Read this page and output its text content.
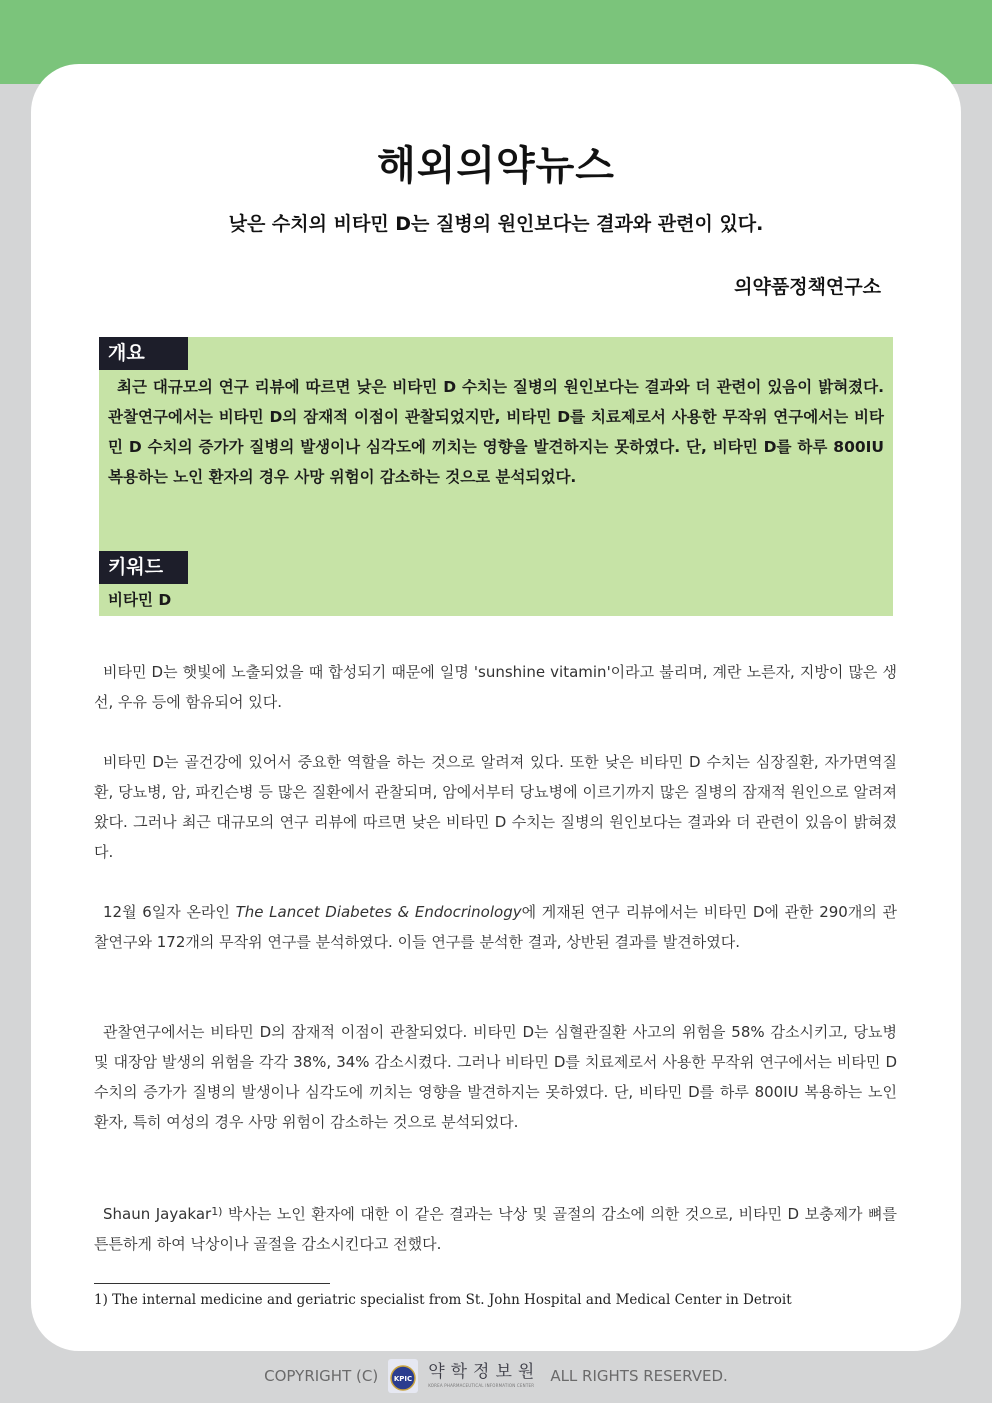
해외의약뉴스
낮은 수치의 비타민 D는 질병의 원인보다는 결과와 관련이 있다.
의약품정책연구소
개요
최근 대규모의 연구 리뷰에 따르면 낮은 비타민 D 수치는 질병의 원인보다는 결과와 더 관련이 있음이 밝혀졌다. 관찰연구에서는 비타민 D의 잠재적 이점이 관찰되었지만, 비타민 D를 치료제로서 사용한 무작위 연구에서는 비타민 D 수치의 증가가 질병의 발생이나 심각도에 끼치는 영향을 발견하지는 못하였다. 단, 비타민 D를 하루 800IU 복용하는 노인 환자의 경우 사망 위험이 감소하는 것으로 분석되었다.
키워드
비타민 D
비타민 D는 햇빛에 노출되었을 때 합성되기 때문에 일명 'sunshine vitamin'이라고 불리며, 계란 노른자, 지방이 많은 생선, 우유 등에 함유되어 있다.
비타민 D는 골건강에 있어서 중요한 역할을 하는 것으로 알려져 있다. 또한 낮은 비타민 D 수치는 심장질환, 자가면역질환, 당뇨병, 암, 파킨슨병 등 많은 질환에서 관찰되며, 암에서부터 당뇨병에 이르기까지 많은 질병의 잠재적 원인으로 알려져 왔다. 그러나 최근 대규모의 연구 리뷰에 따르면 낮은 비타민 D 수치는 질병의 원인보다는 결과와 더 관련이 있음이 밝혀졌다.
12월 6일자 온라인 The Lancet Diabetes & Endocrinology에 게재된 연구 리뷰에서는 비타민 D에 관한 290개의 관찰연구와 172개의 무작위 연구를 분석하였다. 이들 연구를 분석한 결과, 상반된 결과를 발견하였다.
관찰연구에서는 비타민 D의 잠재적 이점이 관찰되었다. 비타민 D는 심혈관질환 사고의 위험을 58% 감소시키고, 당뇨병 및 대장암 발생의 위험을 각각 38%, 34% 감소시켰다. 그러나 비타민 D를 치료제로서 사용한 무작위 연구에서는 비타민 D 수치의 증가가 질병의 발생이나 심각도에 끼치는 영향을 발견하지는 못하였다. 단, 비타민 D를 하루 800IU 복용하는 노인 환자, 특히 여성의 경우 사망 위험이 감소하는 것으로 분석되었다.
Shaun Jayakar$^{1)}$ 박사는 노인 환자에 대한 이 같은 결과는 낙상 및 골절의 감소에 의한 것으로, 비타민 D 보충제가 뼈를 튼튼하게 하여 낙상이나 골절을 감소시킨다고 전했다.
1) The internal medicine and geriatric specialist from St. John Hospital and Medical Center in Detroit
COPYRIGHT (C) KPIC 약학정보원
KOREA PHARMACEUTICAL INFORMATION CENTER
ALL RIGHTS RESERVED.
